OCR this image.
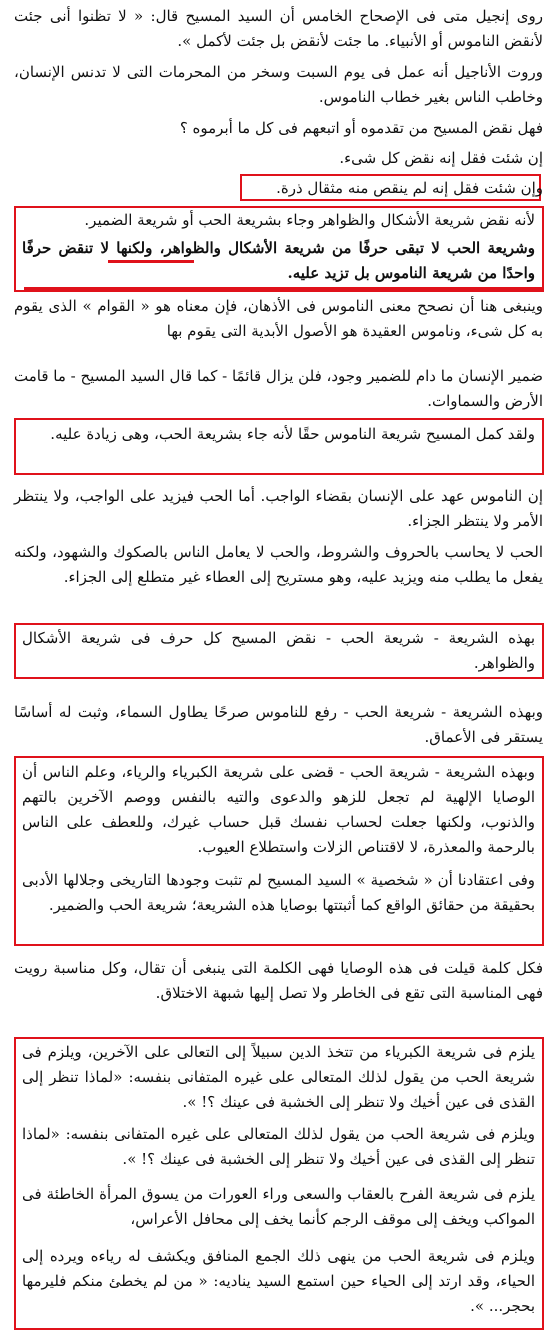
روى إنجيل متى فى الإصحاح الخامس أن السيد المسيح قال: « لا تظنوا أنى جئت لأنقض الناموس أو الأنبياء. ما جئت لأنقض بل جئت لأكمل ».

وروت الأناجيل أنه عمل فى يوم السبت وسخر من المحرمات التى لا تدنس الإنسان، وخاطب الناس بغير خطاب الناموس.

فهل نقض المسيح من تقدموه أو اتبعهم فى كل ما أبرموه ؟

إن شئت فقل إنه نقض كل شىء.

وإن شئت فقل إنه لم ينقص منه مثقال ذرة.

لأنه نقض شريعة الأشكال والظواهر وجاء بشريعة الحب أو شريعة الضمير.

وشريعة الحب لا تبقى حرفًا من شريعة الأشكال والظواهر، ولكنها لا تنقض حرفًا واحدًا من شريعة الناموس بل تزيد عليه.

وينبغى هنا أن نصحح معنى الناموس فى الأذهان، فإن معناه هو « القوام » الذى يقوم به كل شىء، وناموس العقيدة هو الأصول الأبدية التى يقوم بها

ضمير الإنسان ما دام للضمير وجود، فلن يزال قائمًا - كما قال السيد المسيح - ما قامت الأرض والسماوات.

ولقد كمل المسيح شريعة الناموس حقًا لأنه جاء بشريعة الحب، وهى زيادة عليه.

إن الناموس عهد على الإنسان بقضاء الواجب. أما الحب فيزيد على الواجب، ولا ينتظر الأمر ولا ينتظر الجزاء.

الحب لا يحاسب بالحروف والشروط، والحب لا يعامل الناس بالصكوك والشهود، ولكنه يفعل ما يطلب منه ويزيد عليه، وهو مستريح إلى العطاء غير متطلع إلى الجزاء.

بهذه الشريعة - شريعة الحب - نقض المسيح كل حرف فى شريعة الأشكال والظواهر.

وبهذه الشريعة - شريعة الحب - رفع للناموس صرحًا يطاول السماء، وثبت له أساسًا يستقر فى الأعماق.

وبهذه الشريعة - شريعة الحب - قضى على شريعة الكبرياء والرياء، وعلم الناس أن الوصايا الإلهية لم تجعل للزهو والدعوى والتيه بالنفس ووصم الآخرين بالتهم والذنوب، ولكنها جعلت لحساب نفسك قبل حساب غيرك، وللعطف على الناس بالرحمة والمعذرة، لا لاقتناص الزلات واستطلاع العيوب.

وفى اعتقادنا أن « شخصية » السيد المسيح لم تثبت وجودها التاريخى وجلالها الأدبى بحقيقة من حقائق الواقع كما أثبتتها بوصايا هذه الشريعة؛ شريعة الحب والضمير.

فكل كلمة قيلت فى هذه الوصايا فهى الكلمة التى ينبغى أن تقال، وكل مناسبة رويت فهى المناسبة التى تقع فى الخاطر ولا تصل إليها شبهة الاختلاق.

يلزم فى شريعة الكبرياء من تتخذ الدين سبيلاً إلى التعالى على الآخرين، ويلزم فى شريعة الحب من يقول لذلك المتعالى على غيره المتفانى بنفسه: «لماذا تنظر إلى القذى فى عين أخيك ولا تنظر إلى الخشبة فى عينك ؟! ».

ويلزم فى شريعة الحب من يقول لذلك المتعالى على غيره المتفانى بنفسه: «لماذا تنظر إلى القذى فى عين أخيك ولا تنظر إلى الخشبة فى عينك ؟! ».

يلزم فى شريعة الفرح بالعقاب والسعى وراء العورات من يسوق المرأة الخاطئة فى المواكب ويخف إلى موقف الرجم كأنما يخف إلى محافل الأعراس،

ويلزم فى شريعة الحب من ينهى ذلك الجمع المنافق ويكشف له رياءه ويرده إلى الحياء، وقد ارتد إلى الحياء حين استمع السيد يناديه: « من لم يخطئ منكم فليرمها بحجر... ».
